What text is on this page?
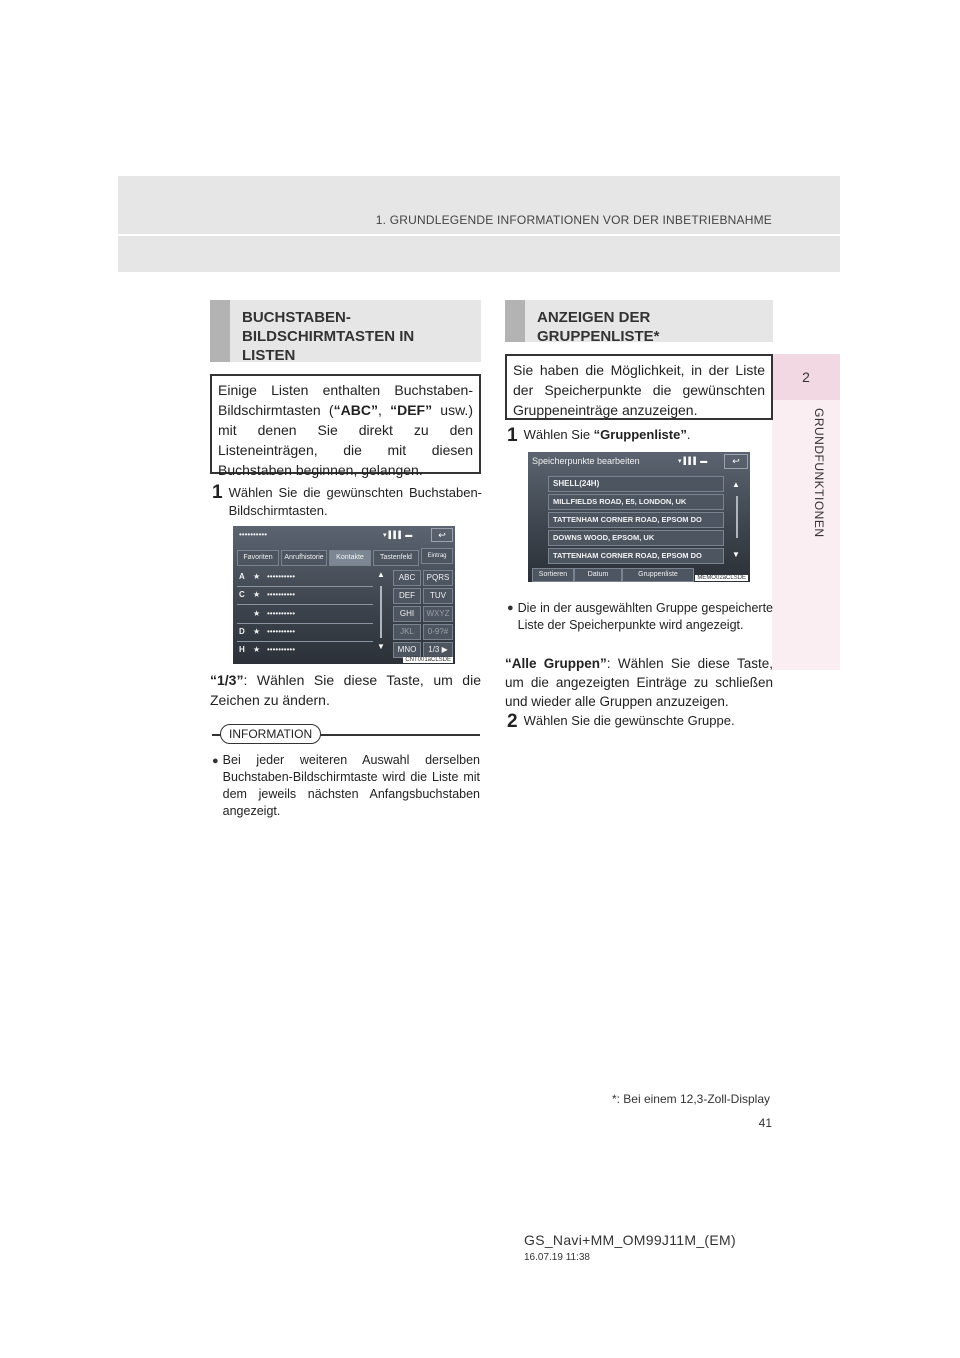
1. GRUNDLEGENDE INFORMATIONEN VOR DER INBETRIEBNAHME
2
GRUNDFUNKTIONEN
BUCHSTABEN-
BILDSCHIRMTASTEN IN
LISTEN
Einige Listen enthalten Buchstaben-Bildschirmtasten (“ABC”, “DEF” usw.) mit denen Sie direkt zu den Listeneinträgen, die mit diesen Buchstaben beginnen, gelangen.
1 Wählen Sie die gewünschten Buchstaben-Bildschirmtasten.
••••••••••	▾ ▌▌▌ ▬	↩
Favoriten	Anrufhistorie	Kontakte	Tastenfeld	Eintrag
A ★ ••••••••••
C ★ ••••••••••
★ ••••••••••
D ★ ••••••••••
H ★ ••••••••••
▲
▼
ABC	PQRS
DEF	TUV
GHI	WXYZ
JKL	0-9?#
MNO	1/3 ▶
CNT001aCLSDE
“1/3”: Wählen Sie diese Taste, um die Zeichen zu ändern.
INFORMATION
● Bei jeder weiteren Auswahl derselben Buchstaben-Bildschirmtaste wird die Liste mit dem jeweils nächsten Anfangsbuchstaben angezeigt.
ANZEIGEN DER
GRUPPENLISTE*
Sie haben die Möglichkeit, in der Liste der Speicherpunkte die gewünschten Gruppeneinträge anzuzeigen.
1 Wählen Sie “Gruppenliste”.
Speicherpunkte bearbeiten	▾ ▌▌▌ ▬	↩
SHELL(24H)
MILLFIELDS ROAD, E5, LONDON, UK
TATTENHAM CORNER ROAD, EPSOM DO
DOWNS WOOD, EPSOM, UK
TATTENHAM CORNER ROAD, EPSOM DO
▲
▼
Sortieren	Datum	Gruppenliste	MEMO02aCLSDE
● Die in der ausgewählten Gruppe gespeicherte Liste der Speicherpunkte wird angezeigt.
“Alle Gruppen”: Wählen Sie diese Taste, um die angezeigten Einträge zu schließen und wieder alle Gruppen anzuzeigen.
2 Wählen Sie die gewünschte Gruppe.
*: Bei einem 12,3-Zoll-Display
41
GS_Navi+MM_OM99J11M_(EM)
16.07.19 11:38
